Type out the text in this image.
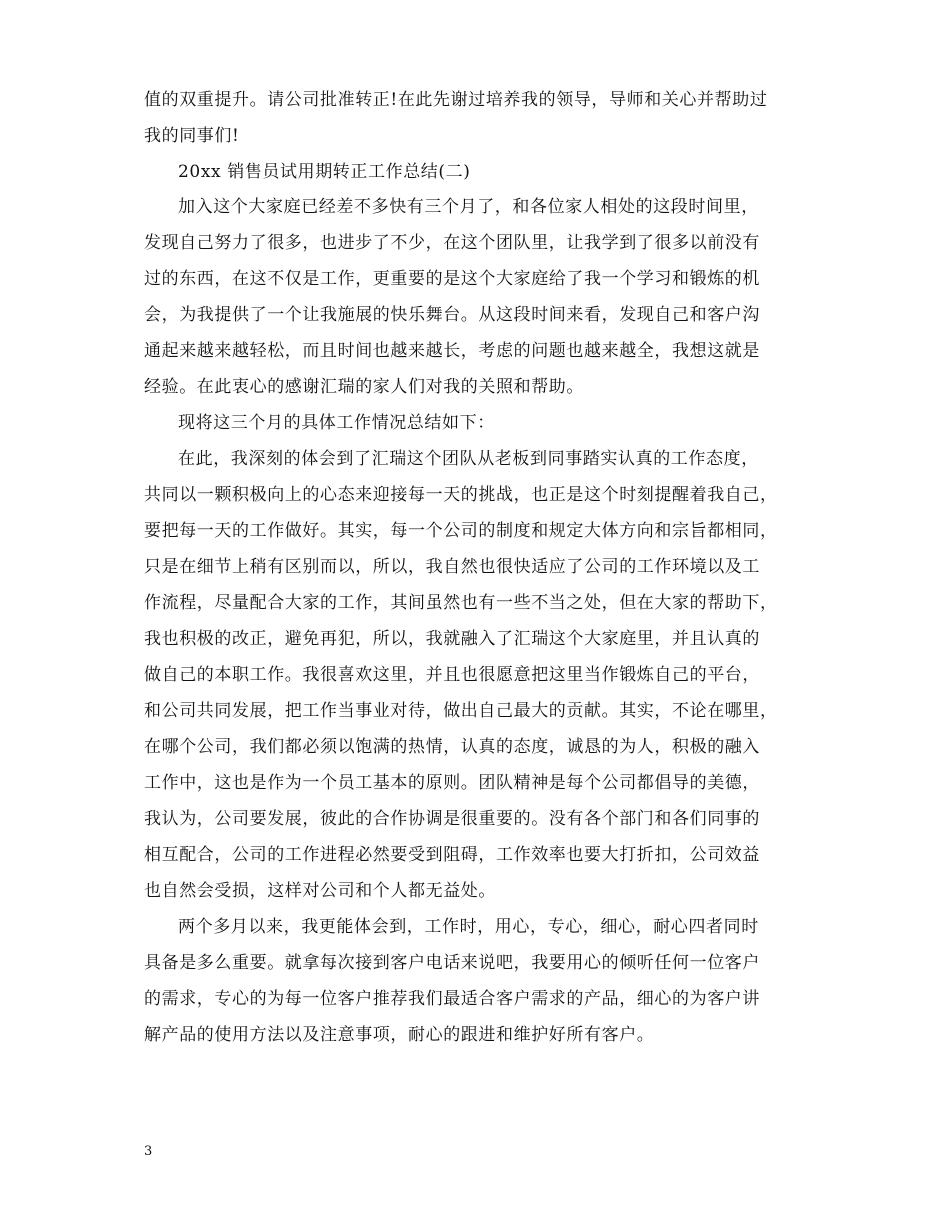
值的双重提升。请公司批准转正!在此先谢过培养我的领导，导师和关心并帮助过
我的同事们!
20xx 销售员试用期转正工作总结(二)
加入这个大家庭已经差不多快有三个月了，和各位家人相处的这段时间里，
发现自己努力了很多，也进步了不少，在这个团队里，让我学到了很多以前没有
过的东西，在这不仅是工作，更重要的是这个大家庭给了我一个学习和锻炼的机
会，为我提供了一个让我施展的快乐舞台。从这段时间来看，发现自己和客户沟
通起来越来越轻松，而且时间也越来越长，考虑的问题也越来越全，我想这就是
经验。在此衷心的感谢汇瑞的家人们对我的关照和帮助。
现将这三个月的具体工作情况总结如下：
在此，我深刻的体会到了汇瑞这个团队从老板到同事踏实认真的工作态度，
共同以一颗积极向上的心态来迎接每一天的挑战，也正是这个时刻提醒着我自己，
要把每一天的工作做好。其实，每一个公司的制度和规定大体方向和宗旨都相同，
只是在细节上稍有区别而以，所以，我自然也很快适应了公司的工作环境以及工
作流程，尽量配合大家的工作，其间虽然也有一些不当之处，但在大家的帮助下，
我也积极的改正，避免再犯，所以，我就融入了汇瑞这个大家庭里，并且认真的
做自己的本职工作。我很喜欢这里，并且也很愿意把这里当作锻炼自己的平台，
和公司共同发展，把工作当事业对待，做出自己最大的贡献。其实，不论在哪里，
在哪个公司，我们都必须以饱满的热情，认真的态度，诚恳的为人，积极的融入
工作中，这也是作为一个员工基本的原则。团队精神是每个公司都倡导的美德，
我认为，公司要发展，彼此的合作协调是很重要的。没有各个部门和各们同事的
相互配合，公司的工作进程必然要受到阻碍，工作效率也要大打折扣，公司效益
也自然会受损，这样对公司和个人都无益处。
两个多月以来，我更能体会到，工作时，用心，专心，细心，耐心四者同时
具备是多么重要。就拿每次接到客户电话来说吧，我要用心的倾听任何一位客户
的需求，专心的为每一位客户推荐我们最适合客户需求的产品，细心的为客户讲
解产品的使用方法以及注意事项，耐心的跟进和维护好所有客户。
3
